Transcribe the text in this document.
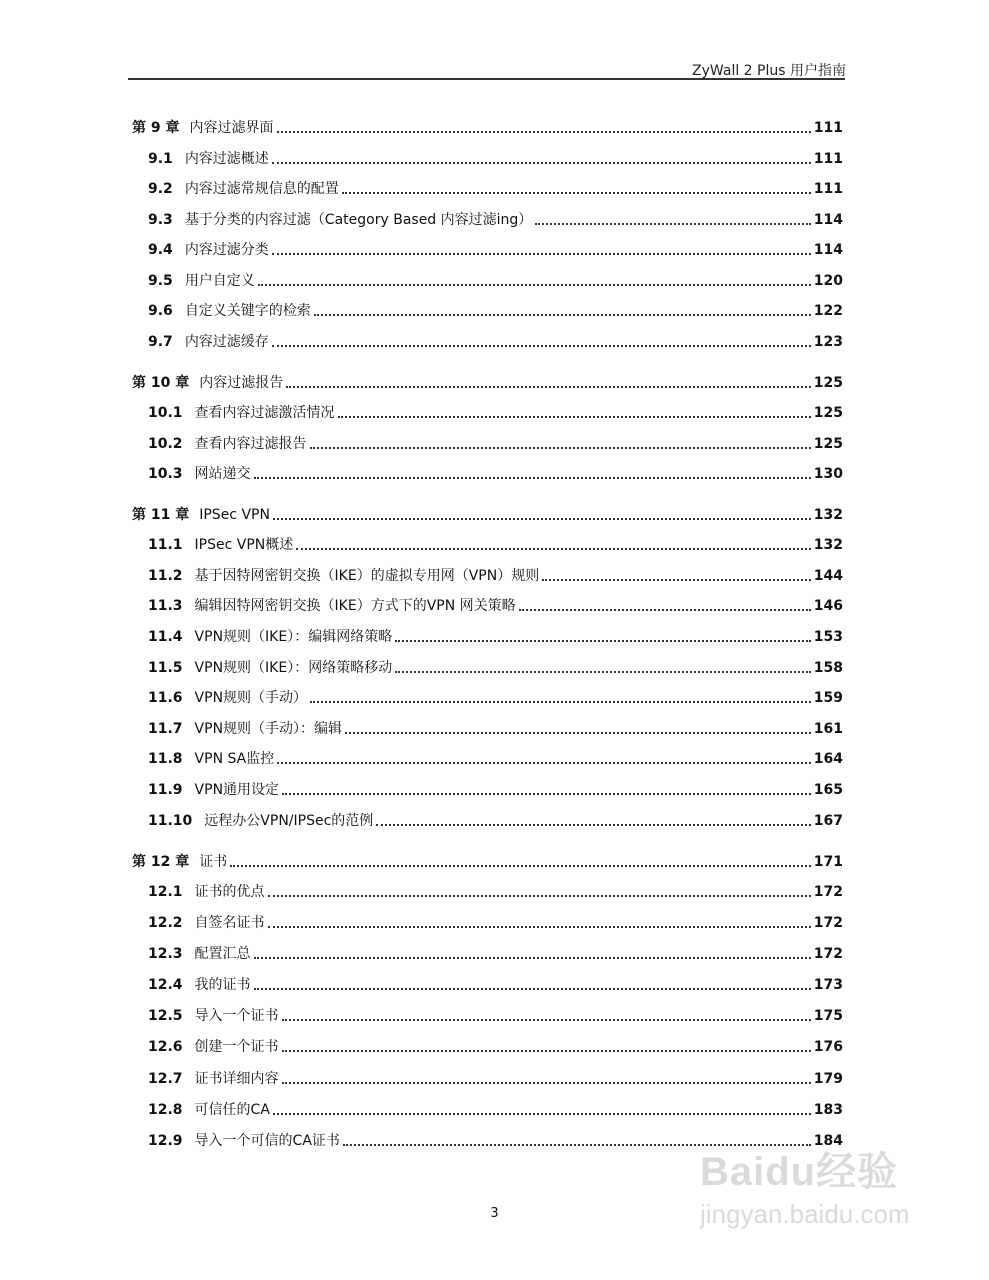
ZyWall 2 Plus 用户指南
第 9 章 内容过滤界面	111
9.1 内容过滤概述	111
9.2 内容过滤常规信息的配置	111
9.3 基于分类的内容过滤（Category Based 内容过滤ing）	114
9.4 内容过滤分类	114
9.5 用户自定义	120
9.6 自定义关键字的检索	122
9.7 内容过滤缓存	123
第 10 章 内容过滤报告	125
10.1 查看内容过滤激活情况	125
10.2 查看内容过滤报告	125
10.3 网站递交	130
第 11 章 IPSec VPN	132
11.1 IPSec VPN概述	132
11.2 基于因特网密钥交换（IKE）的虚拟专用网（VPN）规则	144
11.3 编辑因特网密钥交换（IKE）方式下的VPN 网关策略	146
11.4 VPN规则（IKE）：编辑网络策略	153
11.5 VPN规则（IKE）：网络策略移动	158
11.6 VPN规则（手动）	159
11.7 VPN规则（手动）：编辑	161
11.8 VPN SA监控	164
11.9 VPN通用设定	165
11.10 远程办公VPN/IPSec的范例	167
第 12 章 证书	171
12.1 证书的优点	172
12.2 自签名证书	172
12.3 配置汇总	172
12.4 我的证书	173
12.5 导入一个证书	175
12.6 创建一个证书	176
12.7 证书详细内容	179
12.8 可信任的CA	183
12.9 导入一个可信的CA证书	184
3
Baidu经验
jingyan.baidu.com
